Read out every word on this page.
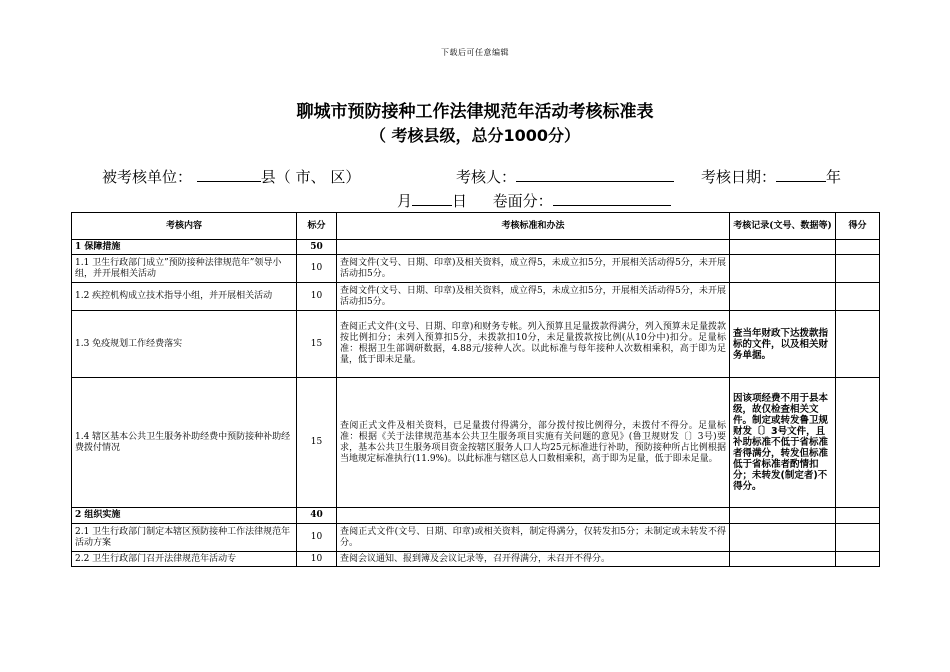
下载后可任意编辑
聊城市预防接种工作法律规范年活动考核标准表
（ 考核县级，总分1000分）
被考核单位：	县（ 市、 区）	考核人：	考核日期：	年
月	日 卷面分：
考核内容	标分	考核标准和办法	考核记录(文号、数据等)	得分
1 保障措施	50			
1.1 卫生行政部门成立”预防接种法律规范年”领导小组，并开展相关活动	10	查阅文件(文号、日期、印章)及相关资料，成立得5，未成立扣5分，开展相关活动得5分，未开展活动扣5分。		
1.2 疾控机构成立技术指导小组，并开展相关活动	10	查阅文件(文号、日期、印章)及相关资料，成立得5，未成立扣5分，开展相关活动得5分，未开展活动扣5分。		
1.3 免疫规划工作经费落实	15	查阅正式文件(文号、日期、印章)和财务专帐。列入预算且足量拨款得满分，列入预算未足量拨款按比例扣分；未列入预算扣5分，未拨款扣10分，未足量拨款按比例(从10分中)扣分。足量标准：根据卫生部调研数据，4.88元/接种人次。以此标准与每年接种人次数相乘积，高于即为足量，低于即未足量。	查当年财政下达拨款指标的文件，以及相关财务单据。	
1.4 辖区基本公共卫生服务补助经费中预防接种补助经费拨付情况	15	查阅正式文件及相关资料，已足量拨付得满分，部分拨付按比例得分，未拨付不得分。足量标准：根据《关于法律规范基本公共卫生服务项目实施有关问题的意见》(鲁卫规财发〔〕3号)要求，基本公共卫生服务项目资金按辖区服务人口人均25元标准进行补助，预防接种所占比例根据当地规定标准执行(11.9%)。以此标准与辖区总人口数相乘积，高于即为足量，低于即未足量。	因该项经费不用于县本级，故仅检查相关文件。制定或转发鲁卫规财发〔〕3号文件，且补助标准不低于省标准者得满分，转发但标准低于省标准者酌情扣分；未转发(制定者)不得分。	
2 组织实施	40			
2.1 卫生行政部门制定本辖区预防接种工作法律规范年活动方案	10	查阅正式文件(文号、日期、印章)或相关资料，制定得满分，仅转发扣5分；未制定或未转发不得分。		
2.2 卫生行政部门召开法律规范年活动专	10	查阅会议通知、报到簿及会议记录等，召开得满分，未召开不得分。		
